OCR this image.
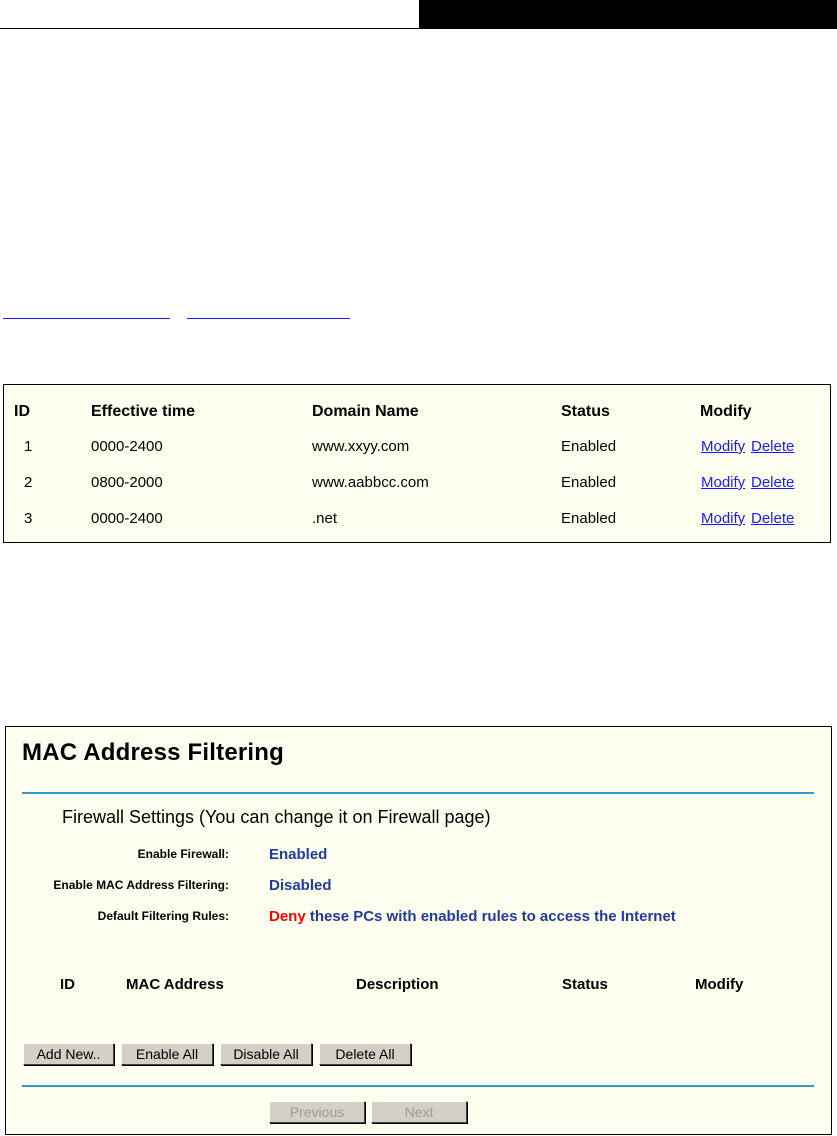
ID	Effective time	Domain Name	Status	Modify
1	0000-2400	www.xxyy.com	Enabled	Modify Delete
2	0800-2000	www.aabbcc.com	Enabled	Modify Delete
3	0000-2400	.net	Enabled	Modify Delete
MAC Address Filtering
Firewall Settings (You can change it on Firewall page)
Enable Firewall:	Enabled
Enable MAC Address Filtering:	Disabled
Default Filtering Rules:	Deny these PCs with enabled rules to access the Internet
ID	MAC Address	Description	Status	Modify
Add New..	Enable All	Disable All	Delete All
Previous	Next
